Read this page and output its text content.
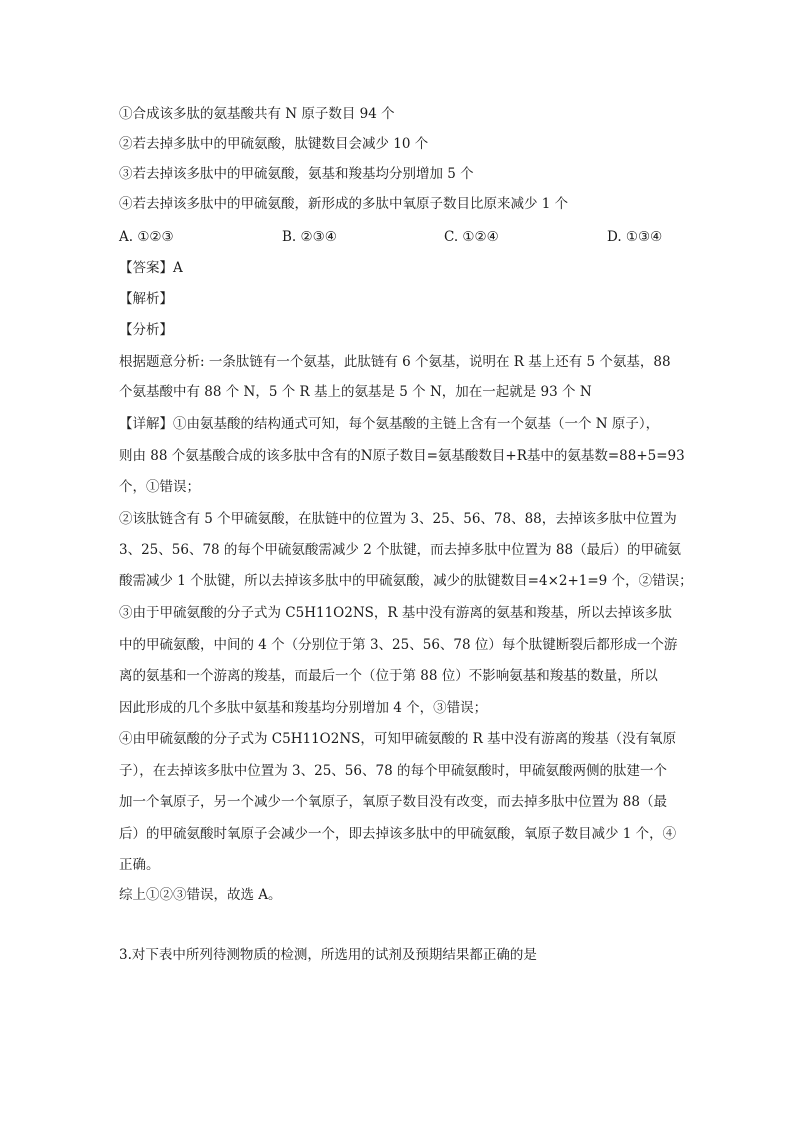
①合成该多肽的氨基酸共有 N 原子数目 94 个
②若去掉多肽中的甲硫氨酸，肽键数目会减少 10 个
③若去掉该多肽中的甲硫氨酸，氨基和羧基均分别增加 5 个
④若去掉该多肽中的甲硫氨酸，新形成的多肽中氧原子数目比原来减少 1 个
A. ①②③	B. ②③④	C. ①②④	D. ①③④
【答案】A
【解析】
【分析】
根据题意分析: 一条肽链有一个氨基，此肽链有 6 个氨基，说明在 R 基上还有 5 个氨基，88
个氨基酸中有 88 个 N，5 个 R 基上的氨基是 5 个 N，加在一起就是 93 个 N
【详解】①由氨基酸的结构通式可知，每个氨基酸的主链上含有一个氨基（一个 N 原子），
则由 88 个氨基酸合成的该多肽中含有的N原子数目=氨基酸数目+R基中的氨基数=88+5=93
个，①错误；
②该肽链含有 5 个甲硫氨酸，在肽链中的位置为 3、25、56、78、88，去掉该多肽中位置为
3、25、56、78 的每个甲硫氨酸需减少 2 个肽键，而去掉多肽中位置为 88（最后）的甲硫氨
酸需减少 1 个肽键，所以去掉该多肽中的甲硫氨酸，减少的肽键数目=4×2+1=9 个，②错误；
③由于甲硫氨酸的分子式为 C5H11O2NS，R 基中没有游离的氨基和羧基，所以去掉该多肽
中的甲硫氨酸，中间的 4 个（分别位于第 3、25、56、78 位）每个肽键断裂后都形成一个游
离的氨基和一个游离的羧基，而最后一个（位于第 88 位）不影响氨基和羧基的数量，所以
因此形成的几个多肽中氨基和羧基均分别增加 4 个，③错误；
④由甲硫氨酸的分子式为 C5H11O2NS，可知甲硫氨酸的 R 基中没有游离的羧基（没有氧原
子），在去掉该多肽中位置为 3、25、56、78 的每个甲硫氨酸时，甲硫氨酸两侧的肽建一个
加一个氧原子，另一个减少一个氧原子，氧原子数目没有改变，而去掉多肽中位置为 88（最
后）的甲硫氨酸时氧原子会减少一个，即去掉该多肽中的甲硫氨酸，氧原子数目减少 1 个，④
正确。
综上①②③错误，故选 A。
3.对下表中所列待测物质的检测，所选用的试剂及预期结果都正确的是
